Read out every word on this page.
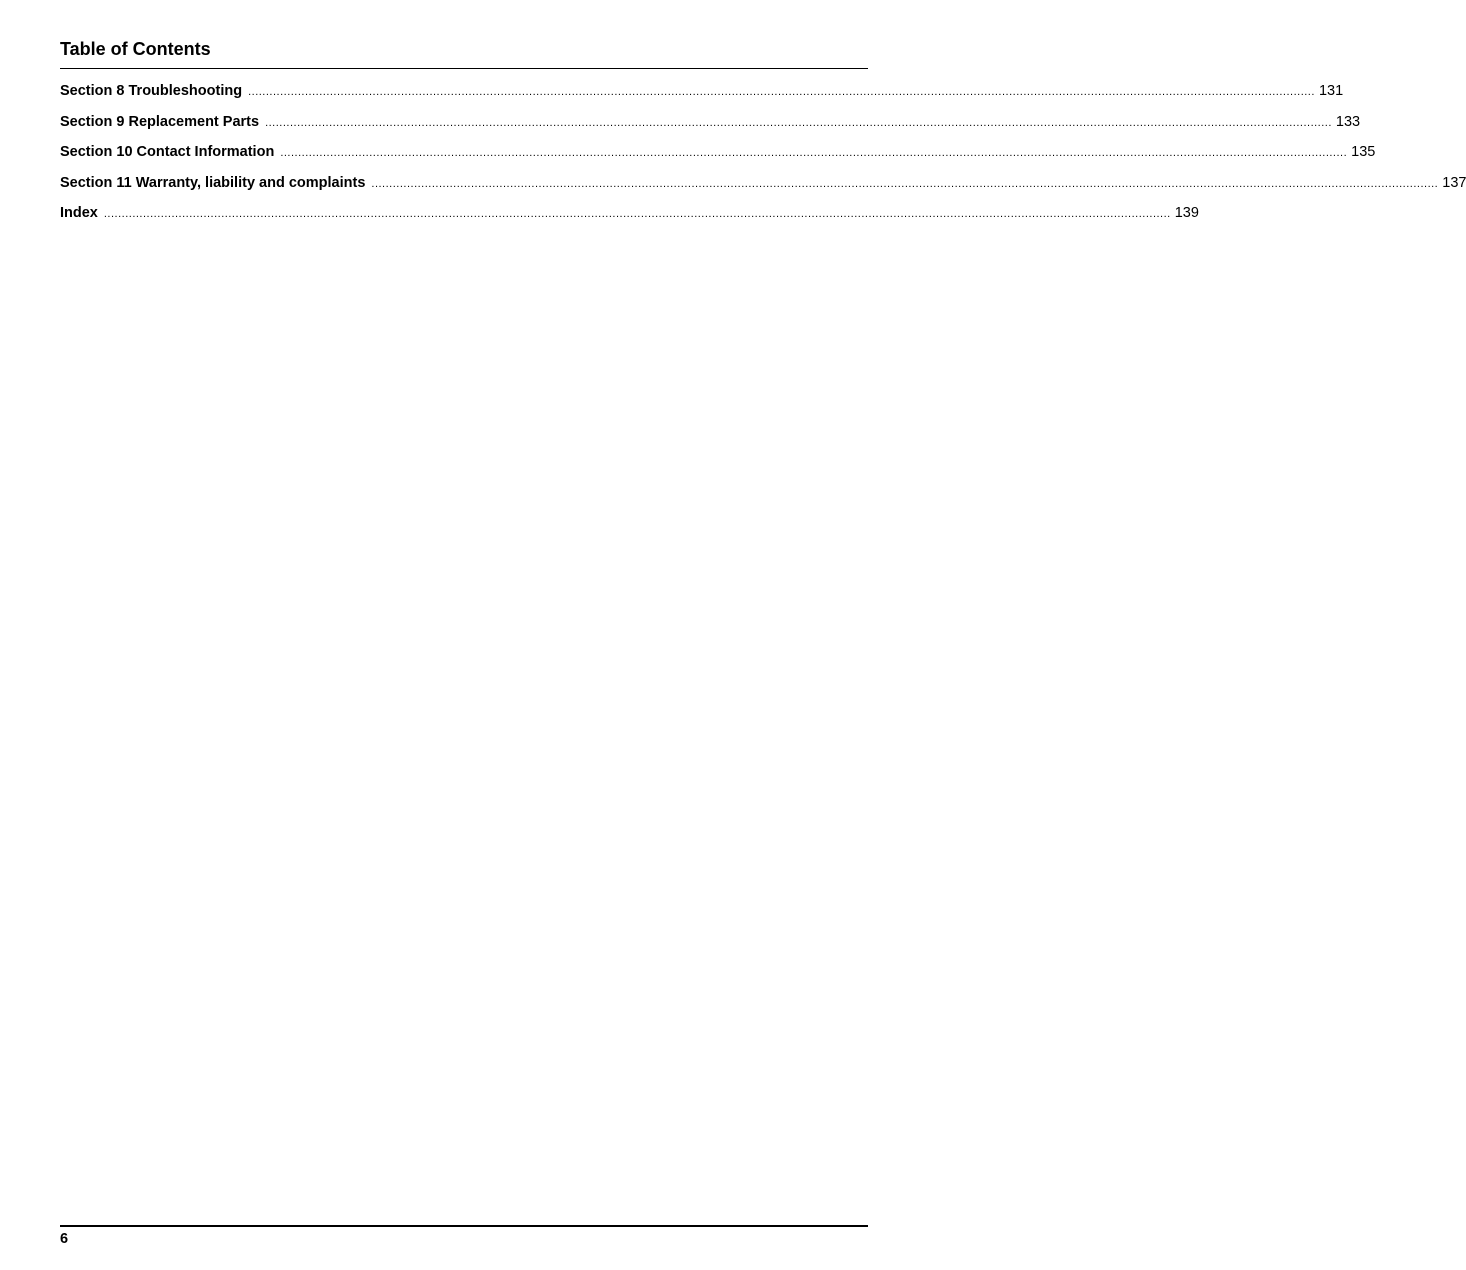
Table of Contents
Section 8 Troubleshooting ............................................................................................................................................................................................................................................................................................................ 131
Section 9 Replacement Parts ............................................................................................................................................................................................................................................................................................................ 133
Section 10 Contact Information ............................................................................................................................................................................................................................................................................................................ 135
Section 11 Warranty, liability and complaints ............................................................................................................................................................................................................................................................................................................ 137
Index ............................................................................................................................................................................................................................................................................................................ 139
6
